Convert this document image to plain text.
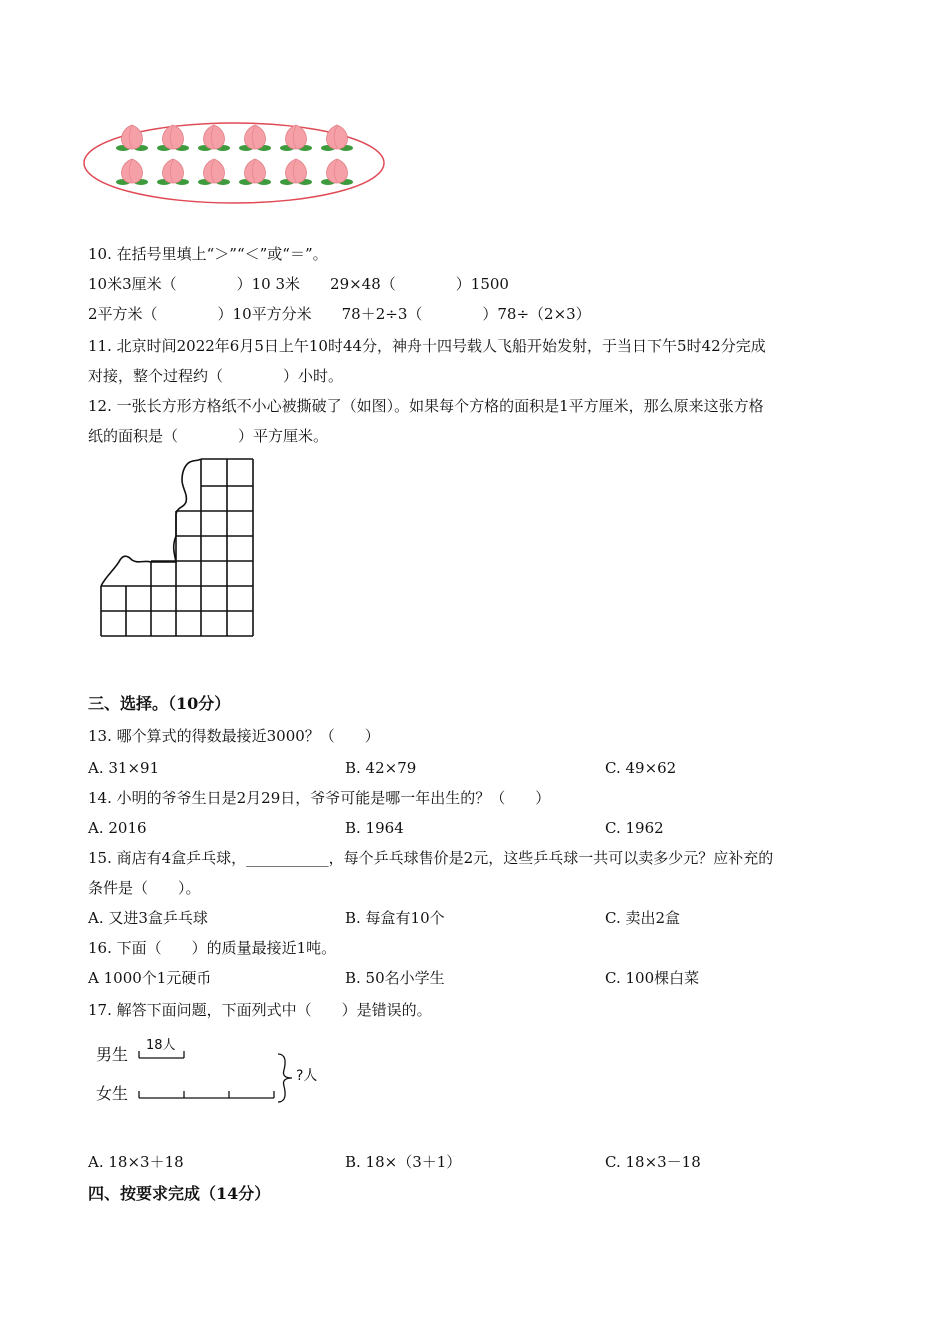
10. 在括号里填上“＞”“＜”或“＝”。
10米3厘米（　　　　）10 3米　　29×48（　　　　）1500
2平方米（　　　　）10平方分米　　78＋2÷3（　　　　）78÷（2×3）
11. 北京时间2022年6月5日上午10时44分，神舟十四号载人飞船开始发射，于当日下午5时42分完成
对接，整个过程约（　　　　）小时。
12. 一张长方形方格纸不小心被撕破了（如图）。如果每个方格的面积是1平方厘米，那么原来这张方格
纸的面积是（　　　　）平方厘米。
三、选择。（10分）
13. 哪个算式的得数最接近3000？（　　）
A. 31×91	B. 42×79	C. 49×62
14. 小明的爷爷生日是2月29日，爷爷可能是哪一年出生的？（　　）
A. 2016	B. 1964	C. 1962
15. 商店有4盒乒乓球，___________，每个乒乓球售价是2元，这些乒乓球一共可以卖多少元？应补充的
条件是（　　）。
A. 又进3盒乒乓球	B. 每盒有10个	C. 卖出2盒
16. 下面（　　）的质量最接近1吨。
A 1000个1元硬币	B. 50名小学生	C. 100棵白菜
17. 解答下面问题，下面列式中（　　）是错误的。
男生 18人
女生
?人
A. 18×3＋18	B. 18×（3＋1）	C. 18×3－18
四、按要求完成（14分）
